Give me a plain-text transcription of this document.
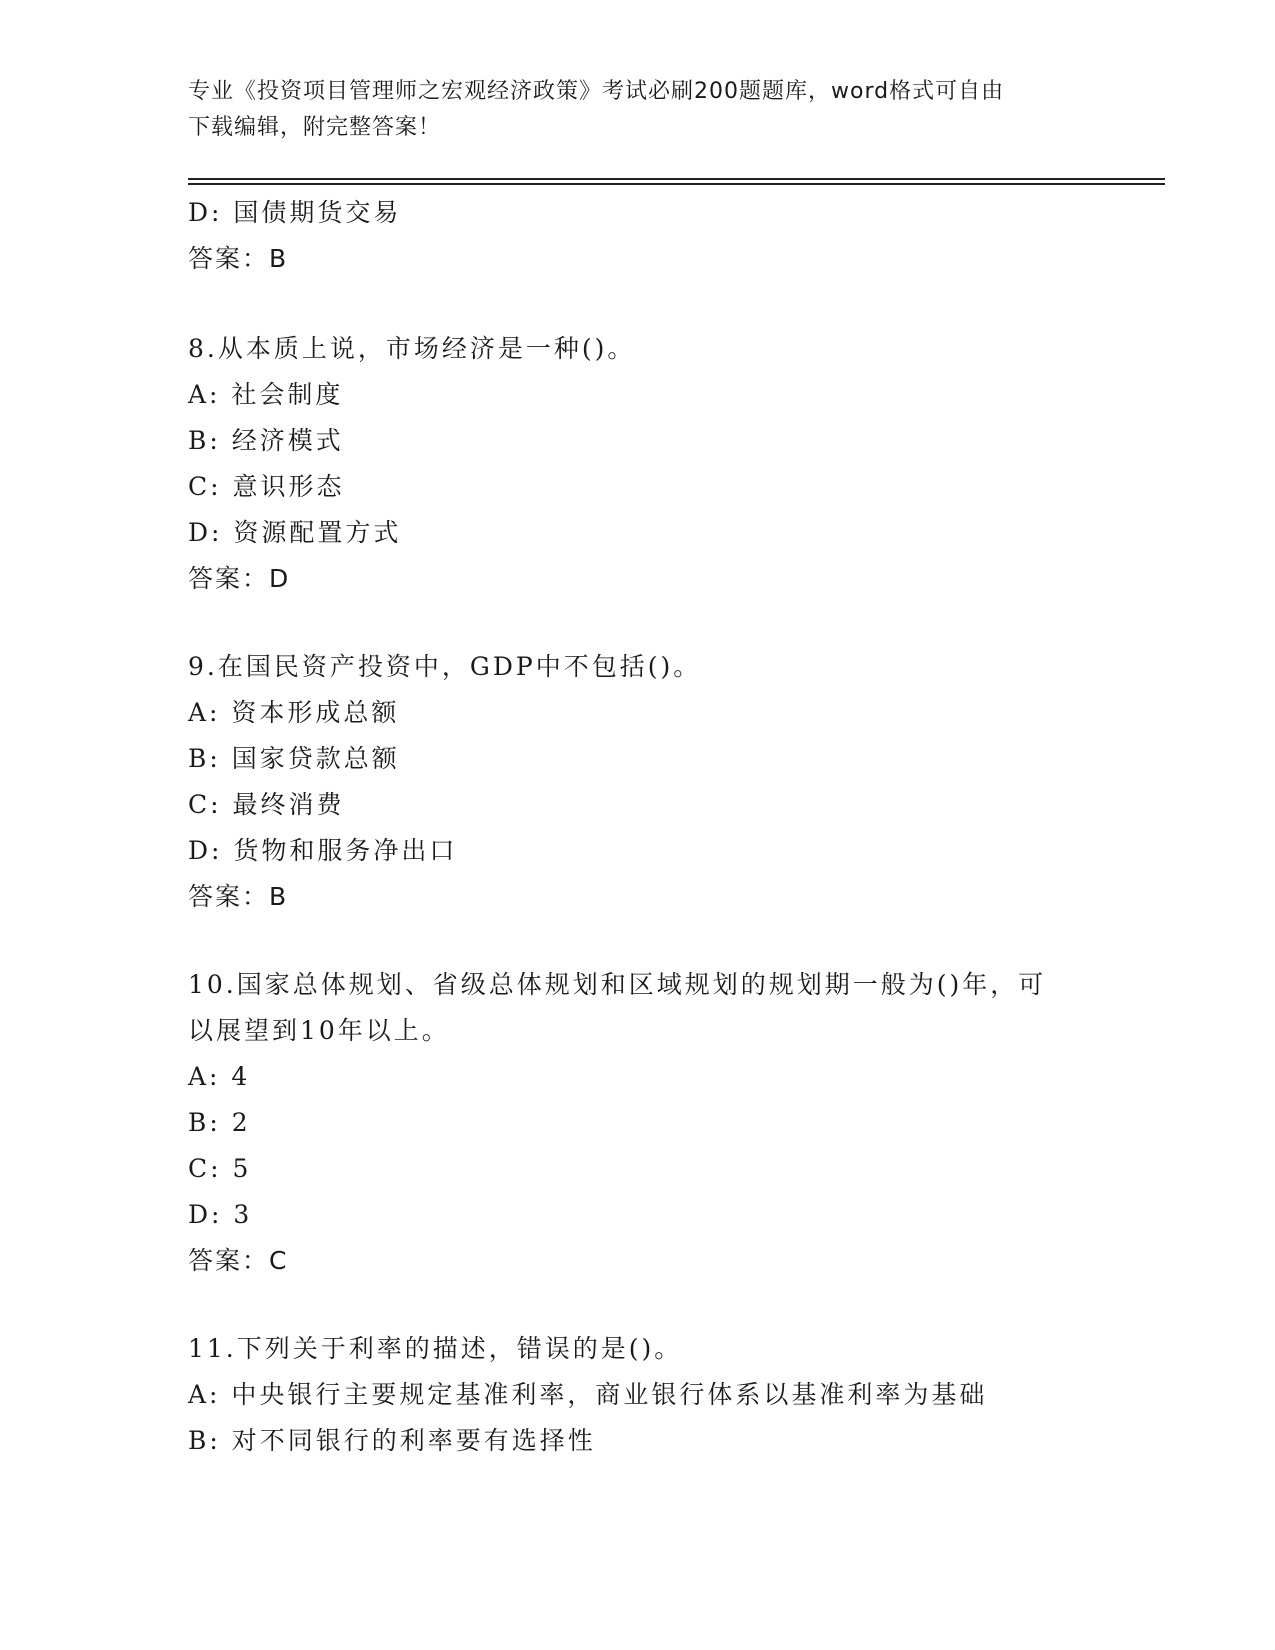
专业《投资项目管理师之宏观经济政策》考试必刷200题题库，word格式可自由
下载编辑，附完整答案！
D: 国债期货交易
答案：B
8.从本质上说，市场经济是一种()。
A: 社会制度
B: 经济模式
C: 意识形态
D: 资源配置方式
答案：D
9.在国民资产投资中，GDP中不包括()。
A: 资本形成总额
B: 国家贷款总额
C: 最终消费
D: 货物和服务净出口
答案：B
10.国家总体规划、省级总体规划和区域规划的规划期一般为()年，可
以展望到10年以上。
A: 4
B: 2
C: 5
D: 3
答案：C
11.下列关于利率的描述，错误的是()。
A: 中央银行主要规定基准利率，商业银行体系以基准利率为基础
B: 对不同银行的利率要有选择性
